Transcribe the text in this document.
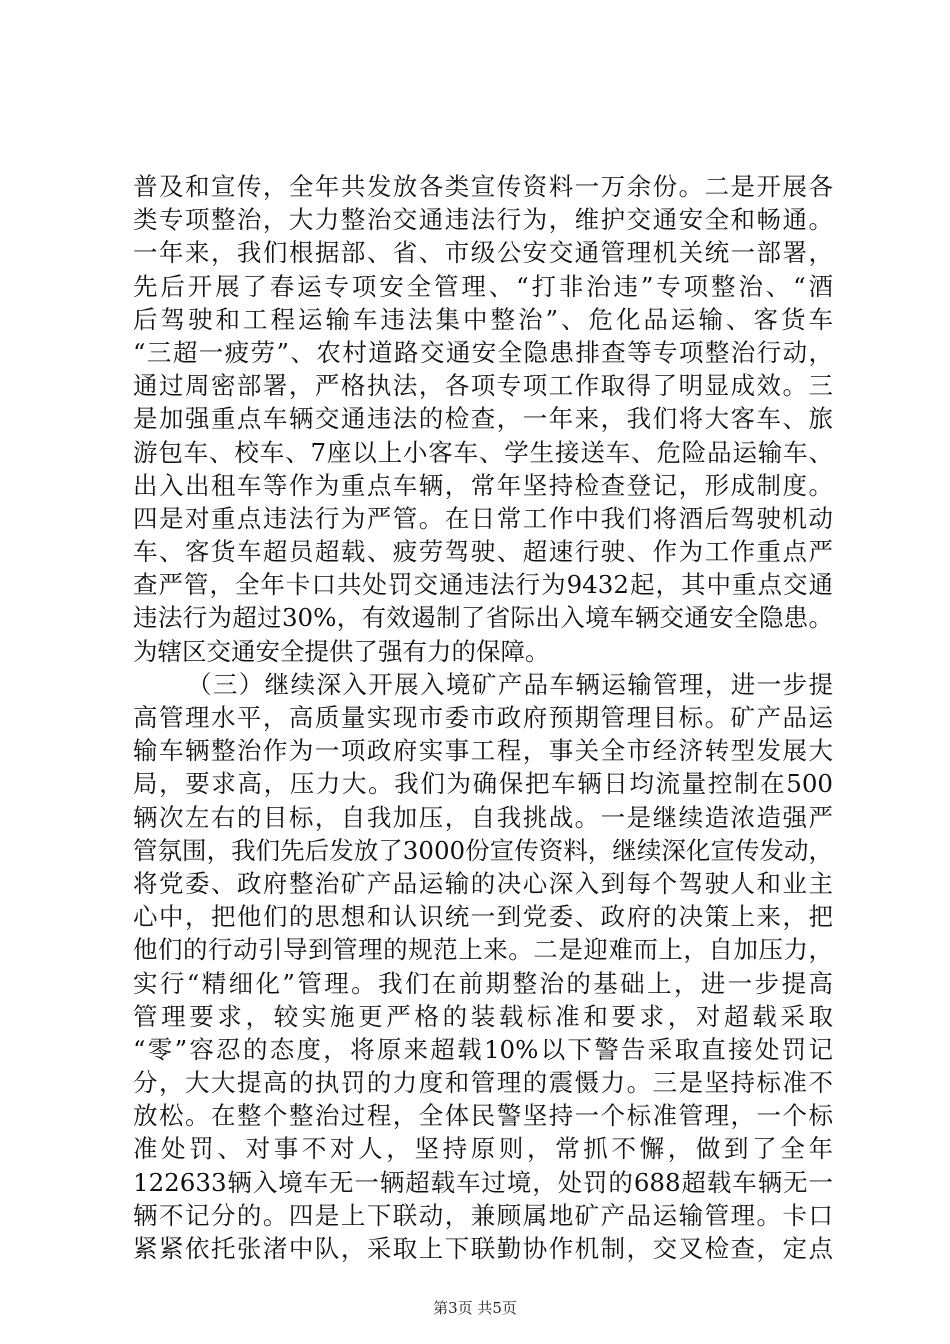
普及和宣传，全年共发放各类宣传资料一万余份。二是开展各
类专项整治，大力整治交通违法行为，维护交通安全和畅通。
一年来，我们根据部、省、市级公安交通管理机关统一部署，
先后开展了春运专项安全管理、“打非治违”专项整治、“酒
后驾驶和工程运输车违法集中整治”、危化品运输、客货车
“三超一疲劳”、农村道路交通安全隐患排查等专项整治行动，
通过周密部署，严格执法，各项专项工作取得了明显成效。三
是加强重点车辆交通违法的检查，一年来，我们将大客车、旅
游包车、校车、7座以上小客车、学生接送车、危险品运输车、
出入出租车等作为重点车辆，常年坚持检查登记，形成制度。
四是对重点违法行为严管。在日常工作中我们将酒后驾驶机动
车、客货车超员超载、疲劳驾驶、超速行驶、作为工作重点严
查严管，全年卡口共处罚交通违法行为9432起，其中重点交通
违法行为超过30%，有效遏制了省际出入境车辆交通安全隐患。
为辖区交通安全提供了强有力的保障。
（三）继续深入开展入境矿产品车辆运输管理，进一步提
高管理水平，高质量实现市委市政府预期管理目标。矿产品运
输车辆整治作为一项政府实事工程，事关全市经济转型发展大
局，要求高，压力大。我们为确保把车辆日均流量控制在500
辆次左右的目标，自我加压，自我挑战。一是继续造浓造强严
管氛围，我们先后发放了3000份宣传资料，继续深化宣传发动，
将党委、政府整治矿产品运输的决心深入到每个驾驶人和业主
心中，把他们的思想和认识统一到党委、政府的决策上来，把
他们的行动引导到管理的规范上来。二是迎难而上，自加压力，
实行“精细化”管理。我们在前期整治的基础上，进一步提高
管理要求，较实施更严格的装载标准和要求，对超载采取
“零”容忍的态度，将原来超载10%以下警告采取直接处罚记
分，大大提高的执罚的力度和管理的震慑力。三是坚持标准不
放松。在整个整治过程，全体民警坚持一个标准管理，一个标
准处罚、对事不对人，坚持原则，常抓不懈，做到了全年
122633辆入境车无一辆超载车过境，处罚的688超载车辆无一
辆不记分的。四是上下联动，兼顾属地矿产品运输管理。卡口
紧紧依托张渚中队，采取上下联勤协作机制，交叉检查，定点
第3页 共5页
